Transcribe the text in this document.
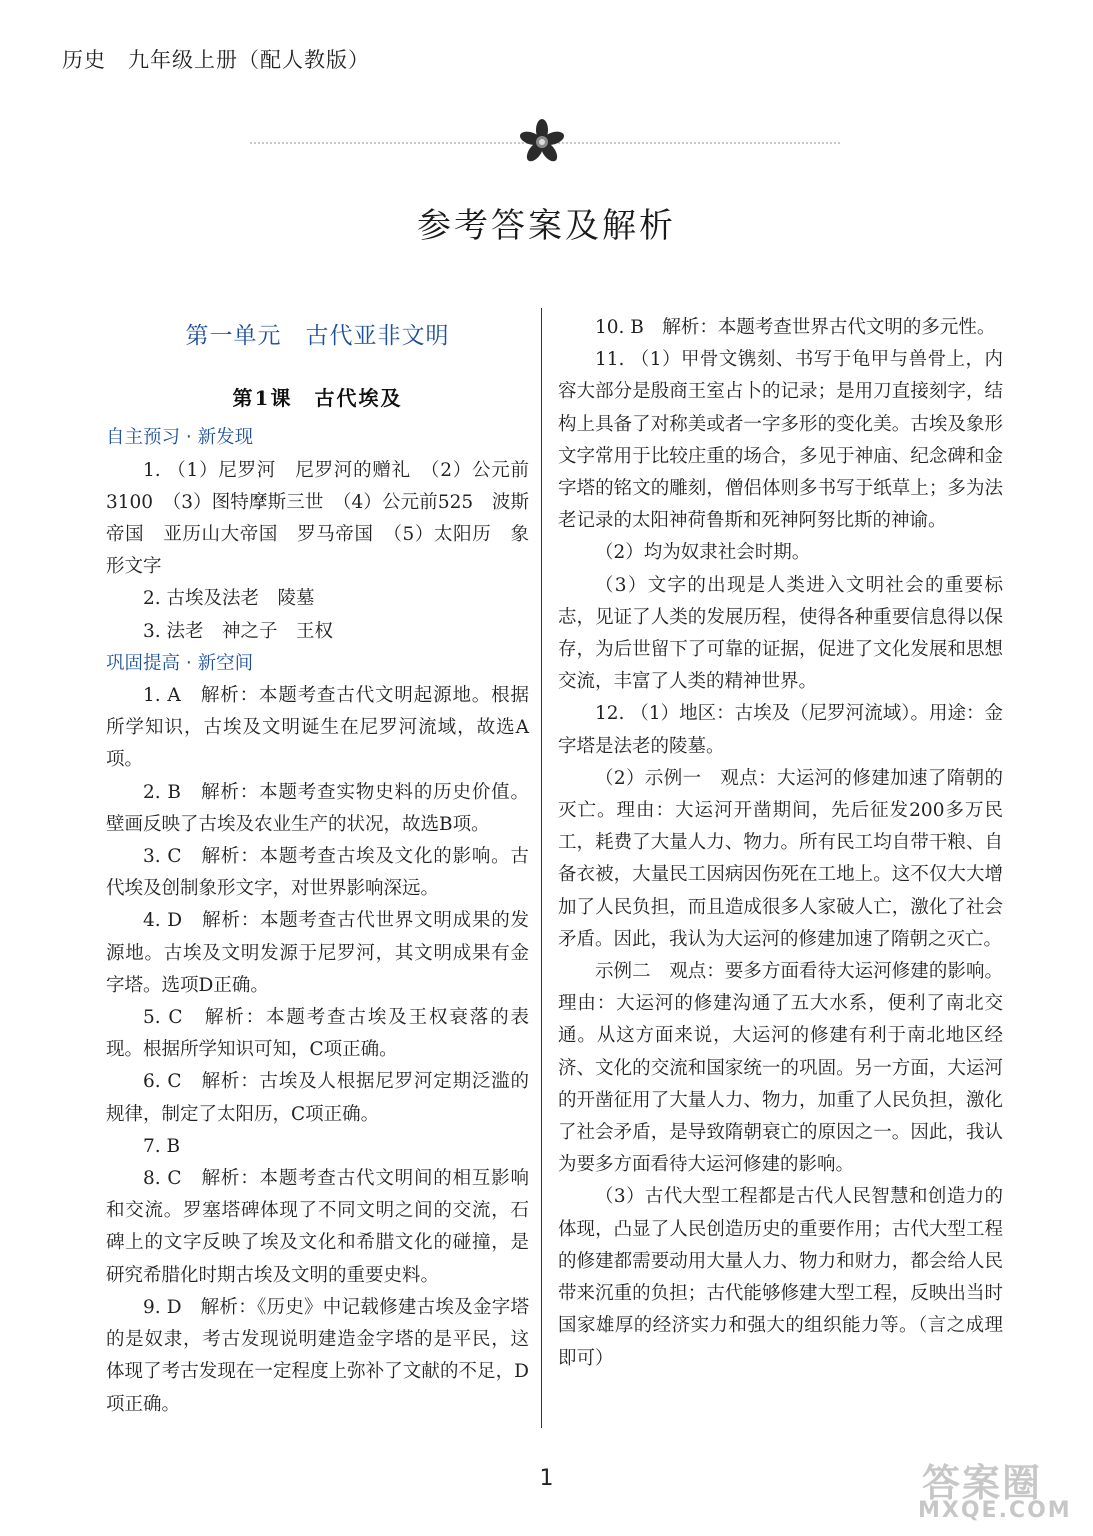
历史　九年级上册（配人教版）
参考答案及解析
第一单元　古代亚非文明
第1课　古代埃及

自主预习 · 新发现

1. （1）尼罗河　尼罗河的赠礼　（2）公元前3100　（3）图特摩斯三世　（4）公元前525　波斯帝国　亚历山大帝国　罗马帝国　（5）太阳历　象形文字

2. 古埃及法老　陵墓

3. 法老　神之子　王权

巩固提高 · 新空间

1. A　解析：本题考查古代文明起源地。根据所学知识，古埃及文明诞生在尼罗河流域，故选A项。

2. B　解析：本题考查实物史料的历史价值。壁画反映了古埃及农业生产的状况，故选B项。

3. C　解析：本题考查古埃及文化的影响。古代埃及创制象形文字，对世界影响深远。

4. D　解析：本题考查古代世界文明成果的发源地。古埃及文明发源于尼罗河，其文明成果有金字塔。选项D正确。

5. C　解析：本题考查古埃及王权衰落的表现。根据所学知识可知，C项正确。

6. C　解析：古埃及人根据尼罗河定期泛滥的规律，制定了太阳历，C项正确。

7. B

8. C　解析：本题考查古代文明间的相互影响和交流。罗塞塔碑体现了不同文明之间的交流，石碑上的文字反映了埃及文化和希腊文化的碰撞，是研究希腊化时期古埃及文明的重要史料。

9. D　解析：《历史》中记载修建古埃及金字塔的是奴隶，考古发现说明建造金字塔的是平民，这体现了考古发现在一定程度上弥补了文献的不足，D项正确。

10. B　解析：本题考查世界古代文明的多元性。

11. （1）甲骨文镌刻、书写于龟甲与兽骨上，内容大部分是殷商王室占卜的记录；是用刀直接刻字，结构上具备了对称美或者一字多形的变化美。古埃及象形文字常用于比较庄重的场合，多见于神庙、纪念碑和金字塔的铭文的雕刻，僧侣体则多书写于纸草上；多为法老记录的太阳神荷鲁斯和死神阿努比斯的神谕。

（2）均为奴隶社会时期。

（3）文字的出现是人类进入文明社会的重要标志，见证了人类的发展历程，使得各种重要信息得以保存，为后世留下了可靠的证据，促进了文化发展和思想交流，丰富了人类的精神世界。

12. （1）地区：古埃及（尼罗河流域）。用途：金字塔是法老的陵墓。

（2）示例一　观点：大运河的修建加速了隋朝的灭亡。理由：大运河开凿期间，先后征发200多万民工，耗费了大量人力、物力。所有民工均自带干粮、自备衣被，大量民工因病因伤死在工地上。这不仅大大增加了人民负担，而且造成很多人家破人亡，激化了社会矛盾。因此，我认为大运河的修建加速了隋朝之灭亡。

示例二　观点：要多方面看待大运河修建的影响。理由：大运河的修建沟通了五大水系，便利了南北交通。从这方面来说，大运河的修建有利于南北地区经济、文化的交流和国家统一的巩固。另一方面，大运河的开凿征用了大量人力、物力，加重了人民负担，激化了社会矛盾，是导致隋朝衰亡的原因之一。因此，我认为要多方面看待大运河修建的影响。

（3）古代大型工程都是古代人民智慧和创造力的体现，凸显了人民创造历史的重要作用；古代大型工程的修建都需要动用大量人力、物力和财力，都会给人民带来沉重的负担；古代能够修建大型工程，反映出当时国家雄厚的经济实力和强大的组织能力等。（言之成理即可）

1	答案圈
MXQE.COM
